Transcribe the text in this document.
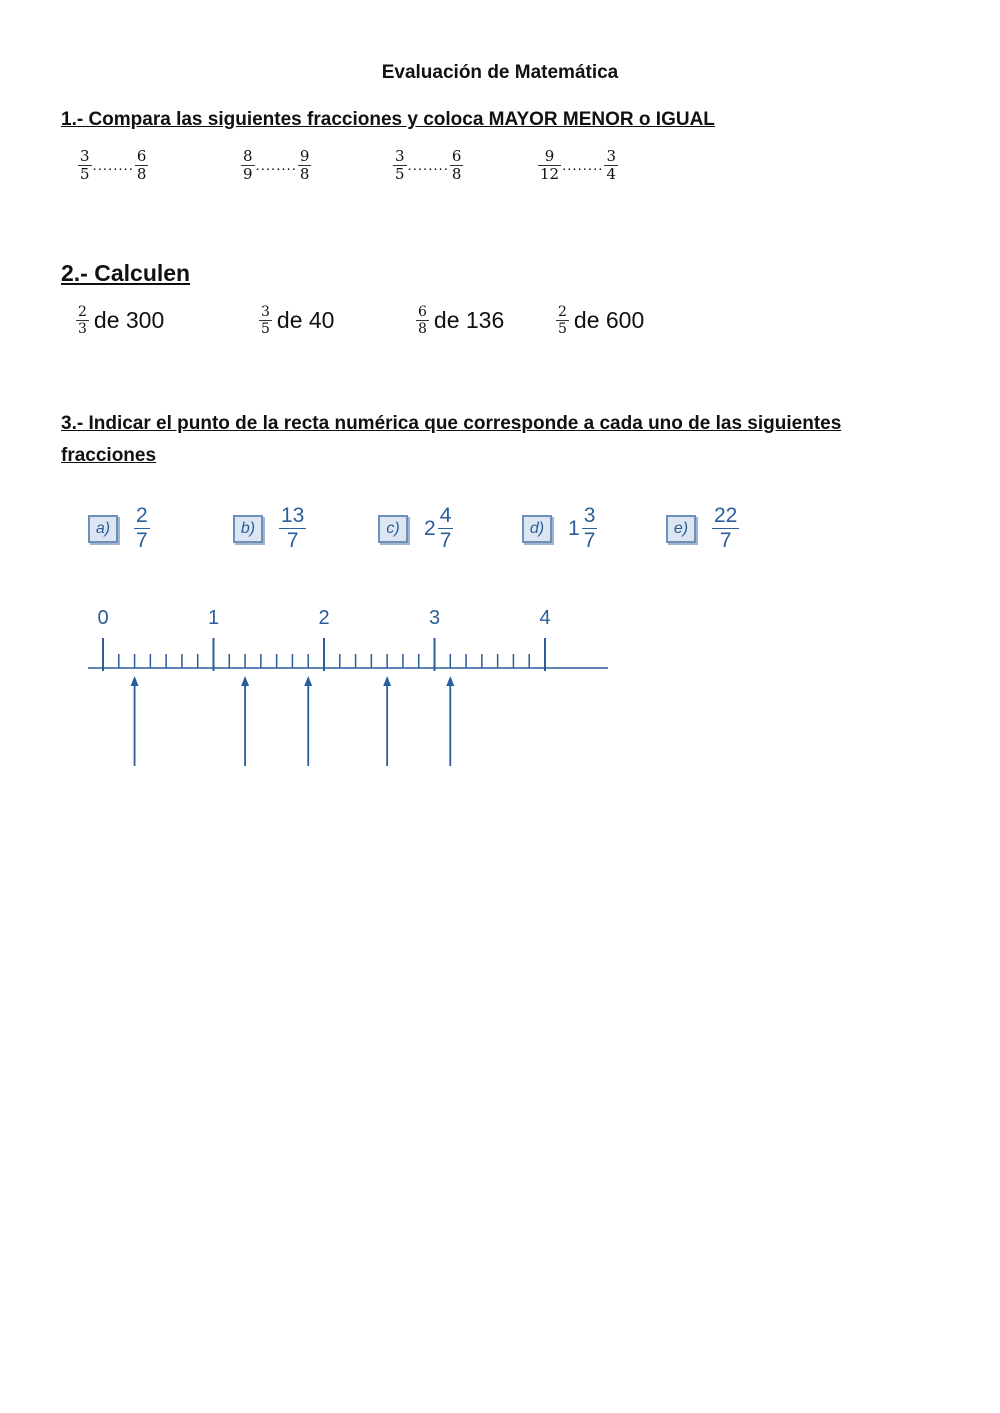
Evaluación de Matemática
1.- Compara las siguientes fracciones y coloca MAYOR MENOR o IGUAL
$\frac{3}{5}$ ........ $\frac{6}{8}$	$\frac{8}{9}$ ........ $\frac{9}{8}$	$\frac{3}{5}$ ........ $\frac{6}{8}$	$\frac{9}{12}$ ........ $\frac{3}{4}$
2.- Calculen
$\frac{2}{3}$ de 300	$\frac{3}{5}$ de 40	$\frac{6}{8}$ de 136	$\frac{2}{5}$ de 600
3.- Indicar el punto de la recta numérica que corresponde a cada uno de las siguientes fracciones
a)	$\frac{2}{7}$	b)	$\frac{13}{7}$	c)	$2 \frac{4}{7}$	d)	$1 \frac{3}{7}$	e)	$\frac{22}{7}$
0	1	2	3	4
